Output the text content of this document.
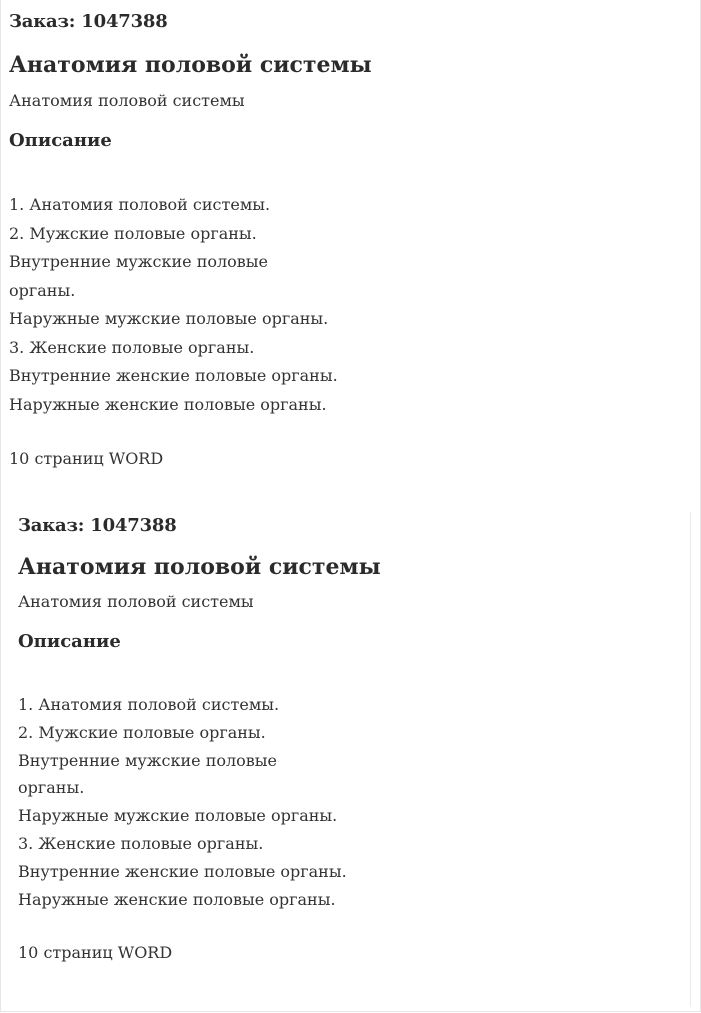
Заказ: 1047388

Анатомия половой системы

Анатомия половой системы

Описание
1. Анатомия половой системы.
2. Мужские половые органы.
Внутренние мужские половые
органы.
Наружные мужские половые органы.
3. Женские половые органы.
Внутренние женские половые органы.
Наружные женские половые органы.

10 страниц WORD

Заказ: 1047388

Анатомия половой системы

Анатомия половой системы

Описание
1. Анатомия половой системы.
2. Мужские половые органы.
Внутренние мужские половые
органы.
Наружные мужские половые органы.
3. Женские половые органы.
Внутренние женские половые органы.
Наружные женские половые органы.

10 страниц WORD
